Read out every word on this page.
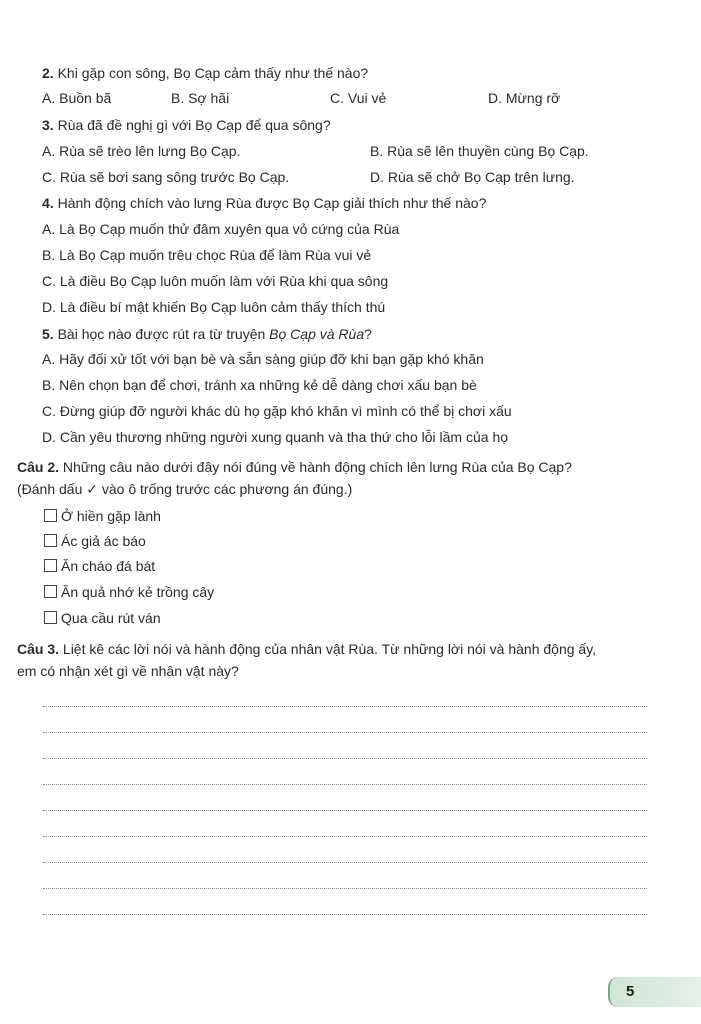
2. Khi gặp con sông, Bọ Cạp cảm thấy như thế nào?
A. Buồn bã	B. Sợ hãi	C. Vui vẻ	D. Mừng rỡ
3. Rùa đã đề nghị gì với Bọ Cạp để qua sông?
A. Rùa sẽ trèo lên lưng Bọ Cạp.	B. Rùa sẽ lên thuyền cùng Bọ Cạp.
C. Rùa sẽ bơi sang sông trước Bọ Cạp.	D. Rùa sẽ chở Bọ Cạp trên lưng.
4. Hành động chích vào lưng Rùa được Bọ Cạp giải thích như thế nào?
A. Là Bọ Cạp muốn thử đâm xuyên qua vỏ cứng của Rùa
B. Là Bọ Cạp muốn trêu chọc Rùa để làm Rùa vui vẻ
C. Là điều Bọ Cạp luôn muốn làm với Rùa khi qua sông
D. Là điều bí mật khiến Bọ Cạp luôn cảm thấy thích thú
5. Bài học nào được rút ra từ truyện Bọ Cạp và Rùa?
A. Hãy đối xử tốt với bạn bè và sẵn sàng giúp đỡ khi bạn gặp khó khăn
B. Nên chọn bạn để chơi, tránh xa những kẻ dễ dàng chơi xấu bạn bè
C. Đừng giúp đỡ người khác dù họ gặp khó khăn vì mình có thể bị chơi xấu
D. Cần yêu thương những người xung quanh và tha thứ cho lỗi lầm của họ
Câu 2. Những câu nào dưới đây nói đúng về hành động chích lên lưng Rùa của Bọ Cạp?
(Đánh dấu ✓ vào ô trống trước các phương án đúng.)
Ở hiền gặp lành
Ác giả ác báo
Ăn cháo đá bát
Ăn quả nhớ kẻ trồng cây
Qua cầu rút ván
Câu 3. Liệt kê các lời nói và hành động của nhân vật Rùa. Từ những lời nói và hành động ấy,
em có nhận xét gì về nhân vật này?
5
